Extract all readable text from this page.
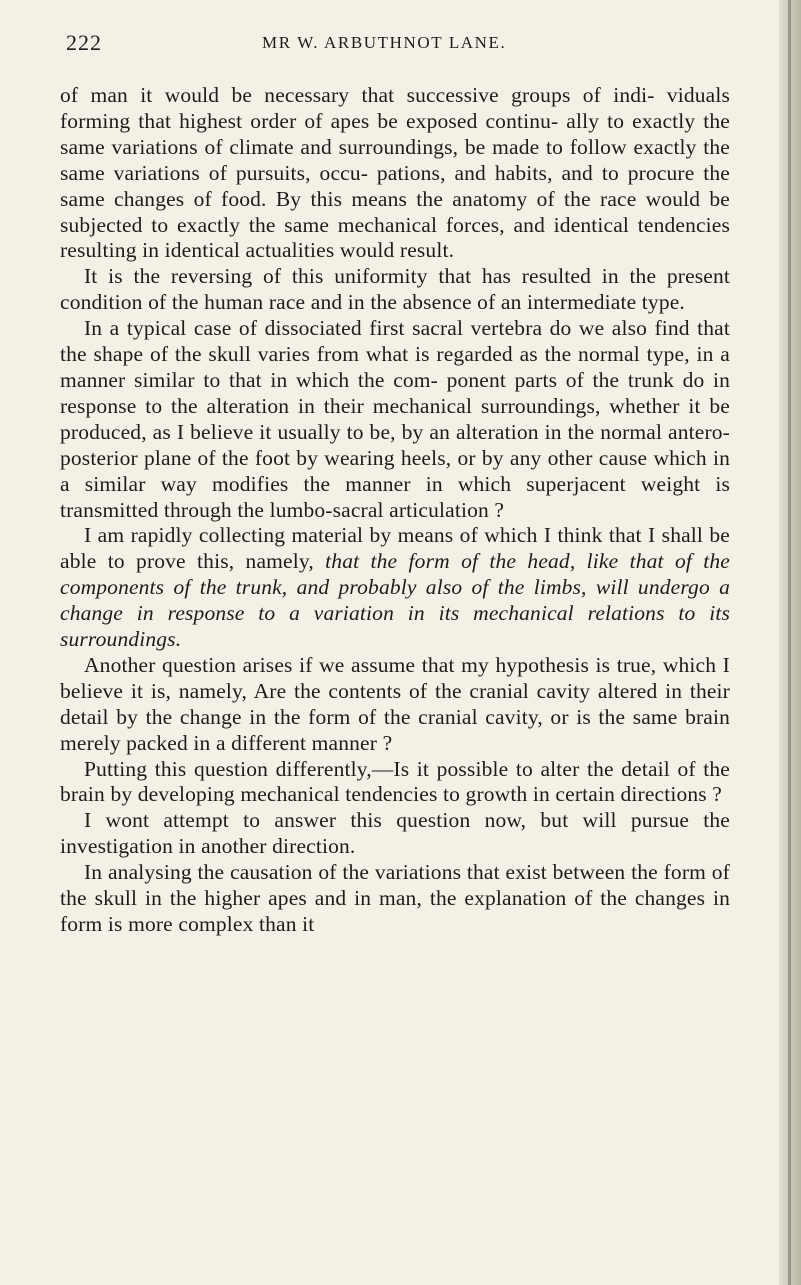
222	MR W. ARBUTHNOT LANE.

of man it would be necessary that successive groups of indi- viduals forming that highest order of apes be exposed continu- ally to exactly the same variations of climate and surroundings, be made to follow exactly the same variations of pursuits, occu- pations, and habits, and to procure the same changes of food. By this means the anatomy of the race would be subjected to exactly the same mechanical forces, and identical tendencies resulting in identical actualities would result.

It is the reversing of this uniformity that has resulted in the present condition of the human race and in the absence of an intermediate type.

In a typical case of dissociated first sacral vertebra do we also find that the shape of the skull varies from what is regarded as the normal type, in a manner similar to that in which the com- ponent parts of the trunk do in response to the alteration in their mechanical surroundings, whether it be produced, as I believe it usually to be, by an alteration in the normal antero- posterior plane of the foot by wearing heels, or by any other cause which in a similar way modifies the manner in which superjacent weight is transmitted through the lumbo-sacral articulation ?

I am rapidly collecting material by means of which I think that I shall be able to prove this, namely, that the form of the head, like that of the components of the trunk, and probably also of the limbs, will undergo a change in response to a variation in its mechanical relations to its surroundings.

Another question arises if we assume that my hypothesis is true, which I believe it is, namely, Are the contents of the cranial cavity altered in their detail by the change in the form of the cranial cavity, or is the same brain merely packed in a different manner ?

Putting this question differently,—Is it possible to alter the detail of the brain by developing mechanical tendencies to growth in certain directions ?

I wont attempt to answer this question now, but will pursue the investigation in another direction.

In analysing the causation of the variations that exist between the form of the skull in the higher apes and in man, the explanation of the changes in form is more complex than it
